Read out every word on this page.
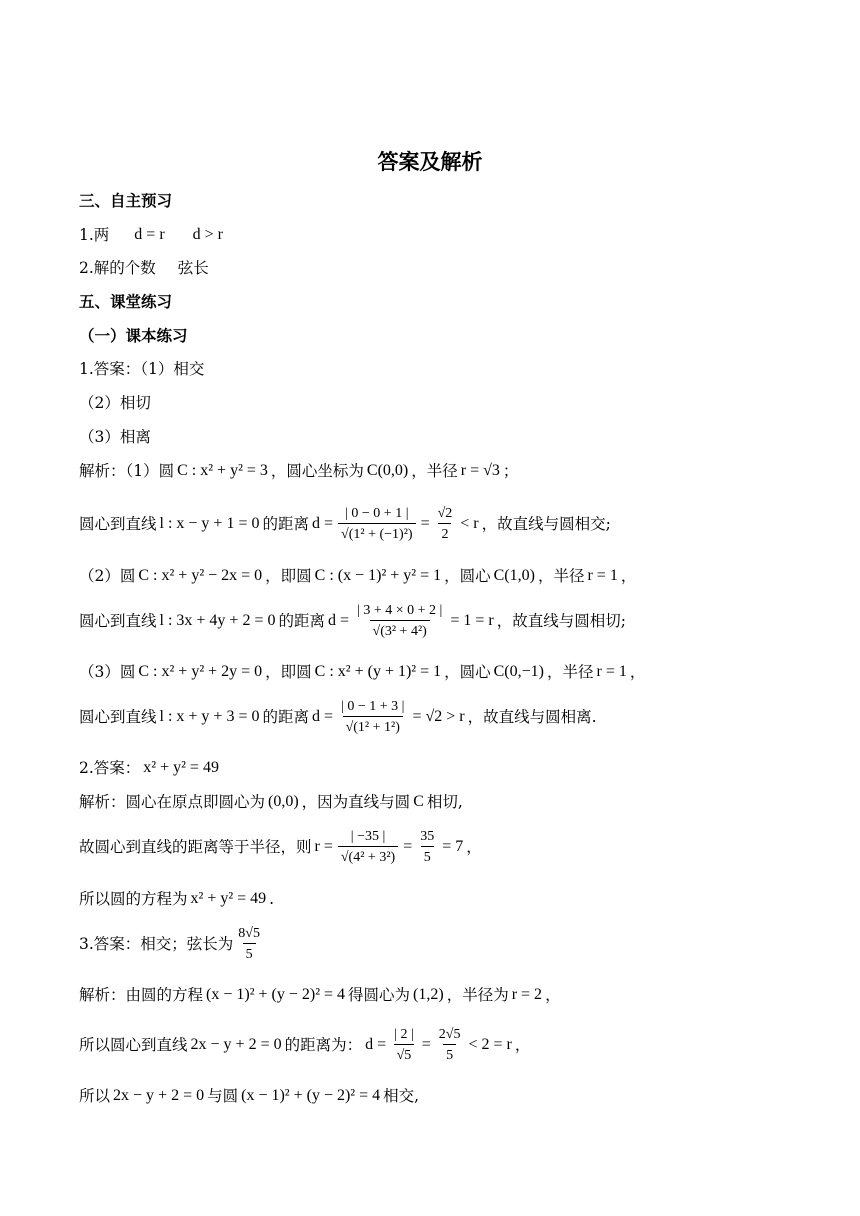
答案及解析
三、自主预习
1.两 d = r d > r
2.解的个数 弦长
五、课堂练习
（一）课本练习
1.答案：（1）相交
（2）相切
（3）相离
解析：（1）圆 C : x² + y² = 3 ，圆心坐标为 C(0,0) ，半径 r = √3 ；
圆心到直线 l : x − y + 1 = 0 的距离 $d = \frac{| 0 - 0 + 1 |}{\text{√(1² + (−1)²)}} = \frac{√2}{2} < r$ ，故直线与圆相交;
（2）圆 C : x² + y² − 2x = 0 ，即圆 C : (x − 1)² + y² = 1 ，圆心 C(1,0) ，半径 r = 1 ，
圆心到直线 l : 3x + 4y + 2 = 0 的距离 $d = \frac{| 3 + 4 \times 0 + 2 |}{\text{√(3² + 4²)}} = 1 = r$ ，故直线与圆相切;
（3）圆 C : x² + y² + 2y = 0 ，即圆 C : x² + (y + 1)² = 1 ，圆心 C(0,−1) ，半径 r = 1 ，
圆心到直线 l : x + y + 3 = 0 的距离 $d = \frac{| 0 - 1 + 3 |}{\text{√(1² + 1²)}} = √2 > r$ ，故直线与圆相离.
2.答案： x² + y² = 49
解析：圆心在原点即圆心为 (0,0) ，因为直线与圆 C 相切,
故圆心到直线的距离等于半径，则 $r = \frac{| -35 |}{\text{√(4² + 3²)}} = \frac{35}{5} = 7$ ，
所以圆的方程为 x² + y² = 49 .
3.答案：相交；弦长为 $\frac{8√5}{5}$
解析：由圆的方程 (x − 1)² + (y − 2)² = 4 得圆心为 (1,2) ，半径为 r = 2 ，
所以圆心到直线 2x − y + 2 = 0 的距离为： $d = \frac{| 2 |}{√5} = \frac{2√5}{5} < 2 = r$ ，
所以 2x − y + 2 = 0 与圆 (x − 1)² + (y − 2)² = 4 相交,
